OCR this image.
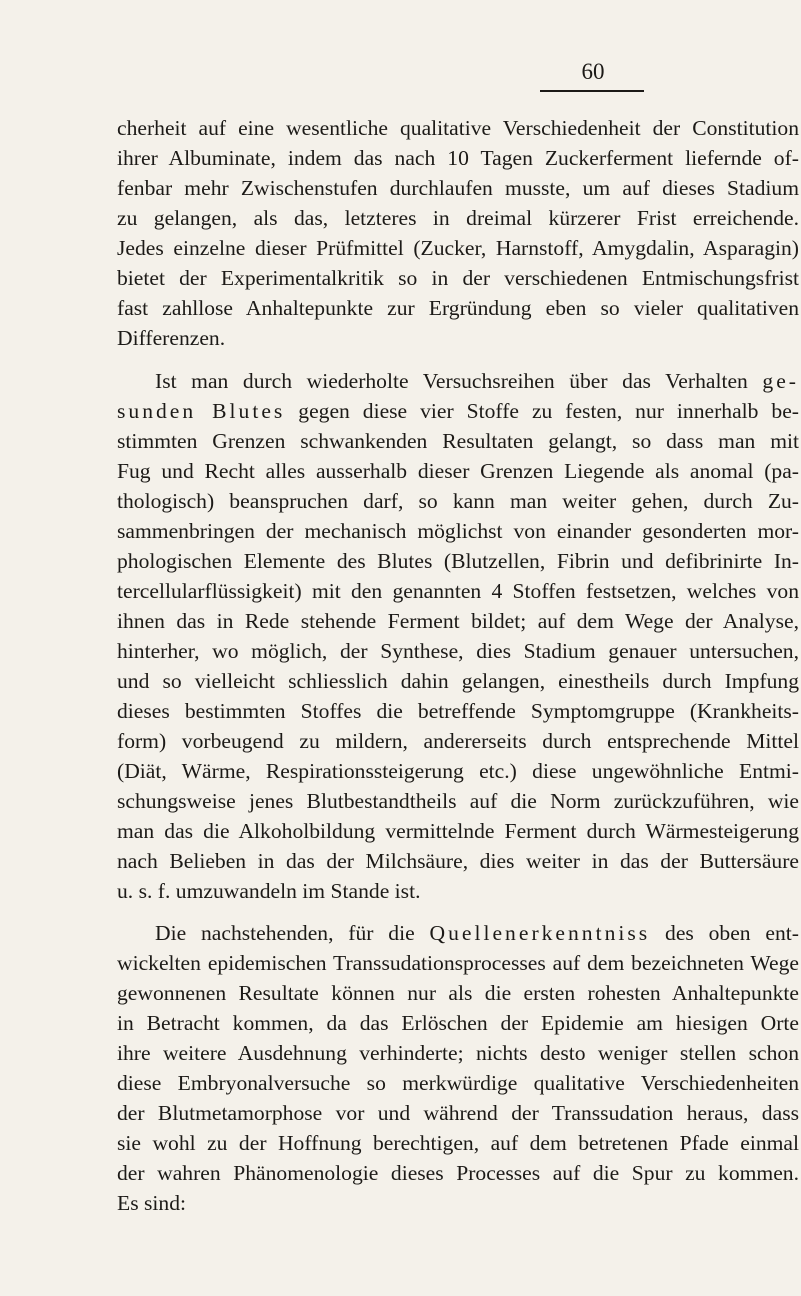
60

cherheit auf eine wesentliche qualitative Verschiedenheit der Constitution

ihrer Albuminate, indem das nach 10 Tagen Zuckerferment liefernde of-

fenbar mehr Zwischenstufen durchlaufen musste, um auf dieses Stadium

zu gelangen, als das, letzteres in dreimal kürzerer Frist erreichende.

Jedes einzelne dieser Prüfmittel (Zucker, Harnstoff, Amygdalin, Asparagin)

bietet der Experimentalkritik so in der verschiedenen Entmischungsfrist

fast zahllose Anhaltepunkte zur Ergründung eben so vieler qualitativen

Differenzen.

Ist man durch wiederholte Versuchsreihen über das Verhalten ge-

sunden Blutes gegen diese vier Stoffe zu festen, nur innerhalb be-

stimmten Grenzen schwankenden Resultaten gelangt, so dass man mit

Fug und Recht alles ausserhalb dieser Grenzen Liegende als anomal (pa-

thologisch) beanspruchen darf, so kann man weiter gehen, durch Zu-

sammenbringen der mechanisch möglichst von einander gesonderten mor-

phologischen Elemente des Blutes (Blutzellen, Fibrin und defibrinirte In-

tercellularflüssigkeit) mit den genannten 4 Stoffen festsetzen, welches von

ihnen das in Rede stehende Ferment bildet; auf dem Wege der Analyse,

hinterher, wo möglich, der Synthese, dies Stadium genauer untersuchen,

und so vielleicht schliesslich dahin gelangen, einestheils durch Impfung

dieses bestimmten Stoffes die betreffende Symptomgruppe (Krankheits-

form) vorbeugend zu mildern, andererseits durch entsprechende Mittel

(Diät, Wärme, Respirationssteigerung etc.) diese ungewöhnliche Entmi-

schungsweise jenes Blutbestandtheils auf die Norm zurückzuführen, wie

man das die Alkoholbildung vermittelnde Ferment durch Wärmesteigerung

nach Belieben in das der Milchsäure, dies weiter in das der Buttersäure

u. s. f. umzuwandeln im Stande ist.

Die nachstehenden, für die Quellenerkenntniss des oben ent-

wickelten epidemischen Transsudationsprocesses auf dem bezeichneten Wege

gewonnenen Resultate können nur als die ersten rohesten Anhaltepunkte

in Betracht kommen, da das Erlöschen der Epidemie am hiesigen Orte

ihre weitere Ausdehnung verhinderte; nichts desto weniger stellen schon

diese Embryonalversuche so merkwürdige qualitative Verschiedenheiten

der Blutmetamorphose vor und während der Transsudation heraus, dass

sie wohl zu der Hoffnung berechtigen, auf dem betretenen Pfade einmal

der wahren Phänomenologie dieses Processes auf die Spur zu kommen.

Es sind:
